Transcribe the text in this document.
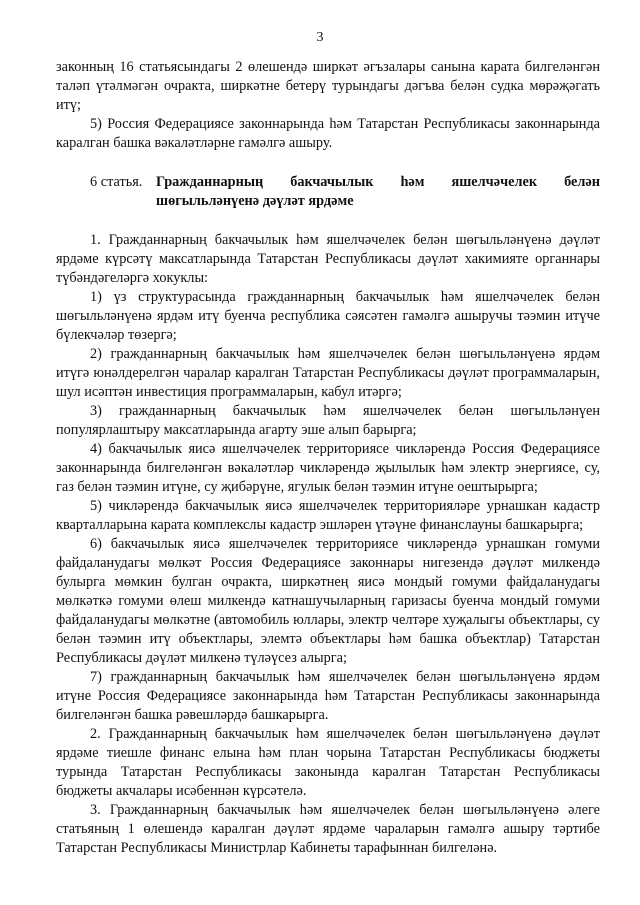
3

законның 16 статьясындагы 2 өлешендә ширкәт әгъзалары санына карата билгеләнгән таләп үтәлмәгән очракта, ширкәтне бетерү турындагы дәгъва белән судка мөрәҗәгать итү;

5) Россия Федерациясе законнарында һәм Татарстан Республикасы законнарында каралган башка вәкаләтләрне гамәлгә ашыру.

6 статья. Гражданнарның бакчачылык һәм яшелчәчелек белән шөгыльләнүенә дәүләт ярдәме

1. Гражданнарның бакчачылык һәм яшелчәчелек белән шөгыльләнүенә дәүләт ярдәме күрсәтү максатларында Татарстан Республикасы дәүләт хакимияте органнары түбәндәгеләргә хокуклы:

1) үз структурасында гражданнарның бакчачылык һәм яшелчәчелек белән шөгыльләнүенә ярдәм итү буенча республика сәясәтен гамәлгә ашыручы тәэмин итүче бүлекчәләр төзергә;

2) гражданнарның бакчачылык һәм яшелчәчелек белән шөгыльләнүенә ярдәм итүгә юнәлдерелгән чаралар каралган Татарстан Республикасы дәүләт программаларын, шул исәптән инвестиция программаларын, кабул итәргә;

3) гражданнарның бакчачылык һәм яшелчәчелек белән шөгыльләнүен популярлаштыру максатларында агарту эше алып барырга;

4) бакчачылык яисә яшелчәчелек территориясе чикләрендә Россия Федерациясе законнарында билгеләнгән вәкаләтләр чикләрендә җылылык һәм электр энергиясе, су, газ белән тәэмин итүне, су җибәрүне, ягулык белән тәэмин итүне оештырырга;

5) чикләрендә бакчачылык яисә яшелчәчелек территорияләре урнашкан кадастр кварталларына карата комплекслы кадастр эшләрен үтәүне финанслауны башкарырга;

6) бакчачылык яисә яшелчәчелек территориясе чикләрендә урнашкан гомуми файдаланудагы мөлкәт Россия Федерациясе законнары нигезендә дәүләт милкендә булырга мөмкин булган очракта, ширкәтнең яисә мондый гомуми файдаланудагы мөлкәткә гомуми өлеш милкендә катнашучыларның гаризасы буенча мондый гомуми файдаланудагы мөлкәтне (автомобиль юллары, электр челтәре хуҗалыгы объектлары, су белән тәэмин итү объектлары, элемтә объектлары һәм башка объектлар) Татарстан Республикасы дәүләт милкенә түләүсез алырга;

7) гражданнарның бакчачылык һәм яшелчәчелек белән шөгыльләнүенә ярдәм итүне Россия Федерациясе законнарында һәм Татарстан Республикасы законнарында билгеләнгән башка рәвешләрдә башкарырга.

2. Гражданнарның бакчачылык һәм яшелчәчелек белән шөгыльләнүенә дәүләт ярдәме тиешле финанс елына һәм план чорына Татарстан Республикасы бюджеты турында Татарстан Республикасы законында каралган Татарстан Республикасы бюджеты акчалары исәбеннән күрсәтелә.

3. Гражданнарның бакчачылык һәм яшелчәчелек белән шөгыльләнүенә әлеге статьяның 1 өлешендә каралган дәүләт ярдәме чараларын гамәлгә ашыру тәртибе Татарстан Республикасы Министрлар Кабинеты тарафыннан билгеләнә.
